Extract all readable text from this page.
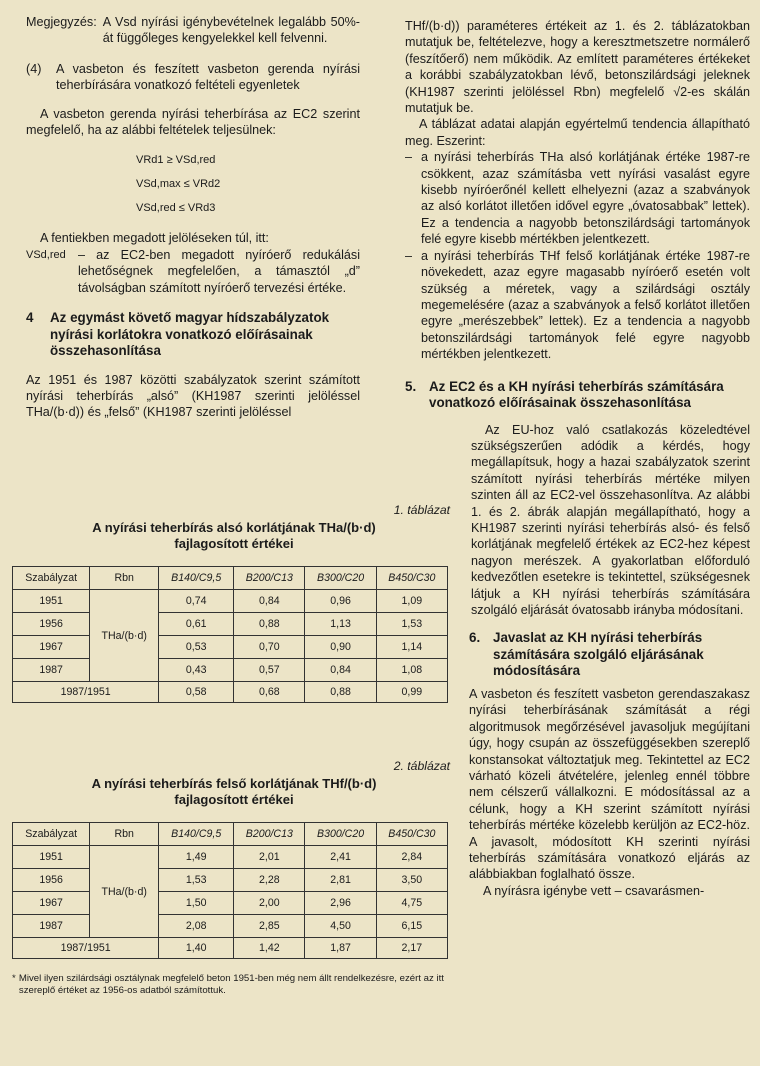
Megjegyzés: A Vsd nyírási igénybevételnek legalább 50%-át függőleges kengyelekkel kell felvenni.
(4)	A vasbeton és feszített vasbeton gerenda nyírási teherbírására vonatkozó feltételi egyenletek

A vasbeton gerenda nyírási teherbírása az EC2 szerint megfelelő, ha az alábbi feltételek teljesülnek:

VRd1 ≥ VSd,red
VSd,max ≤ VRd2
VSd,red ≤ VRd3

A fentiekben megadott jelöléseken túl, itt:

VSd,red – az EC2-ben megadott nyíróerő redukálási lehetőségnek megfelelően, a támasztól „d” távolságban számított nyíróerő tervezési értéke.
4	Az egymást követő magyar hídszabályzatok nyírási korlátokra vonatkozó előírásainak összehasonlítása

Az 1951 és 1987 közötti szabályzatok szerint számított nyírási teherbírás „alsó” (KH1987 szerinti jelöléssel THa/(b·d)) és „felső” (KH1987 szerinti jelöléssel

1. táblázat
A nyírási teherbírás alsó korlátjának THa/(b·d)
fajlagosított értékei
Szabályzat	Rbn	B140/C9,5	B200/C13	B300/C20	B450/C30
1951	THa/(b·d)	0,74	0,84	0,96	1,09
1956		0,61	0,88	1,13	1,53
1967		0,53	0,70	0,90	1,14
1987		0,43	0,57	0,84	1,08
1987/1951		0,58	0,68	0,88	0,99
2. táblázat
A nyírási teherbírás felső korlátjának THf/(b·d)
fajlagosított értékei
Szabályzat	Rbn	B140/C9,5	B200/C13	B300/C20	B450/C30
1951	THa/(b·d)	1,49	2,01	2,41	2,84
1956		1,53	2,28	2,81	3,50
1967		1,50	2,00	2,96	4,75
1987		2,08	2,85	4,50	6,15
1987/1951		1,40	1,42	1,87	2,17
* Mivel ilyen szilárdsági osztálynak megfelelő beton 1951-ben még nem állt rendelkezésre, ezért az itt szereplő értéket az 1956-os adatból számítottuk.

THf/(b·d)) paraméteres értékeit az 1. és 2. táblázatokban mutatjuk be, feltételezve, hogy a keresztmetszetre normálerő (feszítőerő) nem működik. Az említett paraméteres értékeket a korábbi szabályzatokban lévő, betonszilárdsági jeleknek (KH1987 szerinti jelöléssel Rbn) megfelelő √2-es skálán mutatjuk be.

A táblázat adatai alapján egyértelmű tendencia állapítható meg. Eszerint:

– a nyírási teherbírás THa alsó korlátjának értéke 1987-re csökkent, azaz számításba vett nyírási vasalást egyre kisebb nyíróerőnél kellett elhelyezni (azaz a szabványok az alsó korlátot illetően idővel egyre „óvatosabbak” lettek). Ez a tendencia a nagyobb betonszilárdsági tartományok felé egyre kisebb mértékben jelentkezett.
– a nyírási teherbírás THf felső korlátjának értéke 1987-re növekedett, azaz egyre magasabb nyíróerő esetén volt szükség a méretek, vagy a szilárdsági osztály megemelésére (azaz a szabványok a felső korlátot illetően egyre „merészebbek” lettek). Ez a tendencia a nagyobb betonszilárdsági tartományok felé egyre nagyobb mértékben jelentkezett.
5. Az EC2 és a KH nyírási teherbírás számítására vonatkozó előírásainak összehasonlítása

Az EU-hoz való csatlakozás közeledtével szükségszerűen adódik a kérdés, hogy megállapítsuk, hogy a hazai szabályzatok szerint számított nyírási teherbírás mértéke milyen szinten áll az EC2-vel összehasonlítva. Az alábbi 1. és 2. ábrák alapján megállapítható, hogy a KH1987 szerinti nyírási teherbírás alsó- és felső korlátjának megfelelő értékek az EC2-hez képest nagyon merészek. A gyakorlatban előforduló kedvezőtlen esetekre is tekintettel, szükségesnek látjuk a KH nyírási teherbírás számítására szolgáló eljárását óvatosabb irányba módosítani.

6. Javaslat az KH nyírási teherbírás számítására szolgáló eljárásának módosítására

A vasbeton és feszített vasbeton gerendaszakasz nyírási teherbírásának számítását a régi algoritmusok megőrzésével javasoljuk megújítani úgy, hogy csupán az összefüggésekben szereplő konstansokat változtatjuk meg. Tekintettel az EC2 várható közeli átvételére, jelenleg ennél többre nem célszerű vállalkozni. E módosítással az a célunk, hogy a KH szerint számított nyírási teherbírás mértéke közelebb kerüljön az EC2-höz. A javasolt, módosított KH szerinti nyírási teherbírás számítására vonatkozó eljárás az alábbiakban foglalható össze.

A nyírásra igénybe vett – csavarásmen-
